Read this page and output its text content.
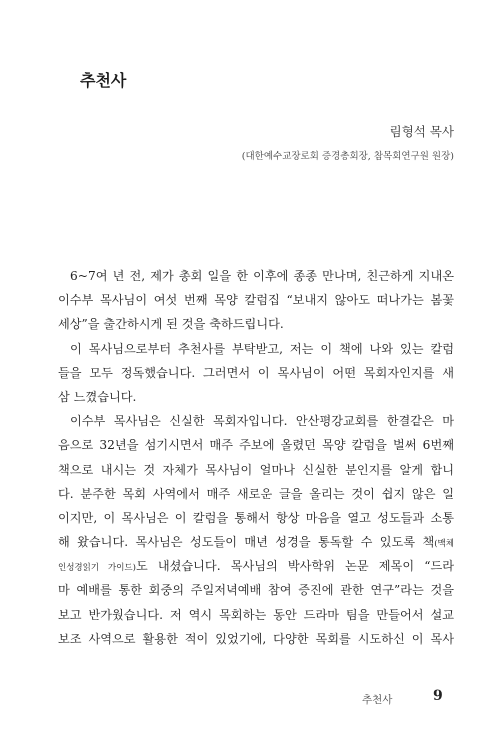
추천사
림형석 목사
(대한예수교장로회 증경총회장, 참목회연구원 원장)
6~7여 년 전, 제가 총회 일을 한 이후에 종종 만나며, 친근하게 지내온
이수부 목사님이 여섯 번째 목양 칼럼집 “보내지 않아도 떠나가는 봄꽃
세상”을 출간하시게 된 것을 축하드립니다.
이 목사님으로부터 추천사를 부탁받고, 저는 이 책에 나와 있는 칼럼
들을 모두 정독했습니다. 그러면서 이 목사님이 어떤 목회자인지를 새
삼 느꼈습니다.
이수부 목사님은 신실한 목회자입니다. 안산평강교회를 한결같은 마
음으로 32년을 섬기시면서 매주 주보에 올렸던 목양 칼럼을 벌써 6번째
책으로 내시는 것 자체가 목사님이 얼마나 신실한 분인지를 알게 합니
다. 분주한 목회 사역에서 매주 새로운 글을 올리는 것이 쉽지 않은 일
이지만, 이 목사님은 이 칼럼을 통해서 항상 마음을 열고 성도들과 소통
해 왔습니다. 목사님은 성도들이 매년 성경을 통독할 수 있도록 책(맥체
인성경읽기 가이드)도 내셨습니다. 목사님의 박사학위 논문 제목이 “드라
마 예배를 통한 회중의 주일저녁예배 참여 증진에 관한 연구”라는 것을
보고 반가웠습니다. 저 역시 목회하는 동안 드라마 팀을 만들어서 설교
보조 사역으로 활용한 적이 있었기에, 다양한 목회를 시도하신 이 목사
추천사	9
